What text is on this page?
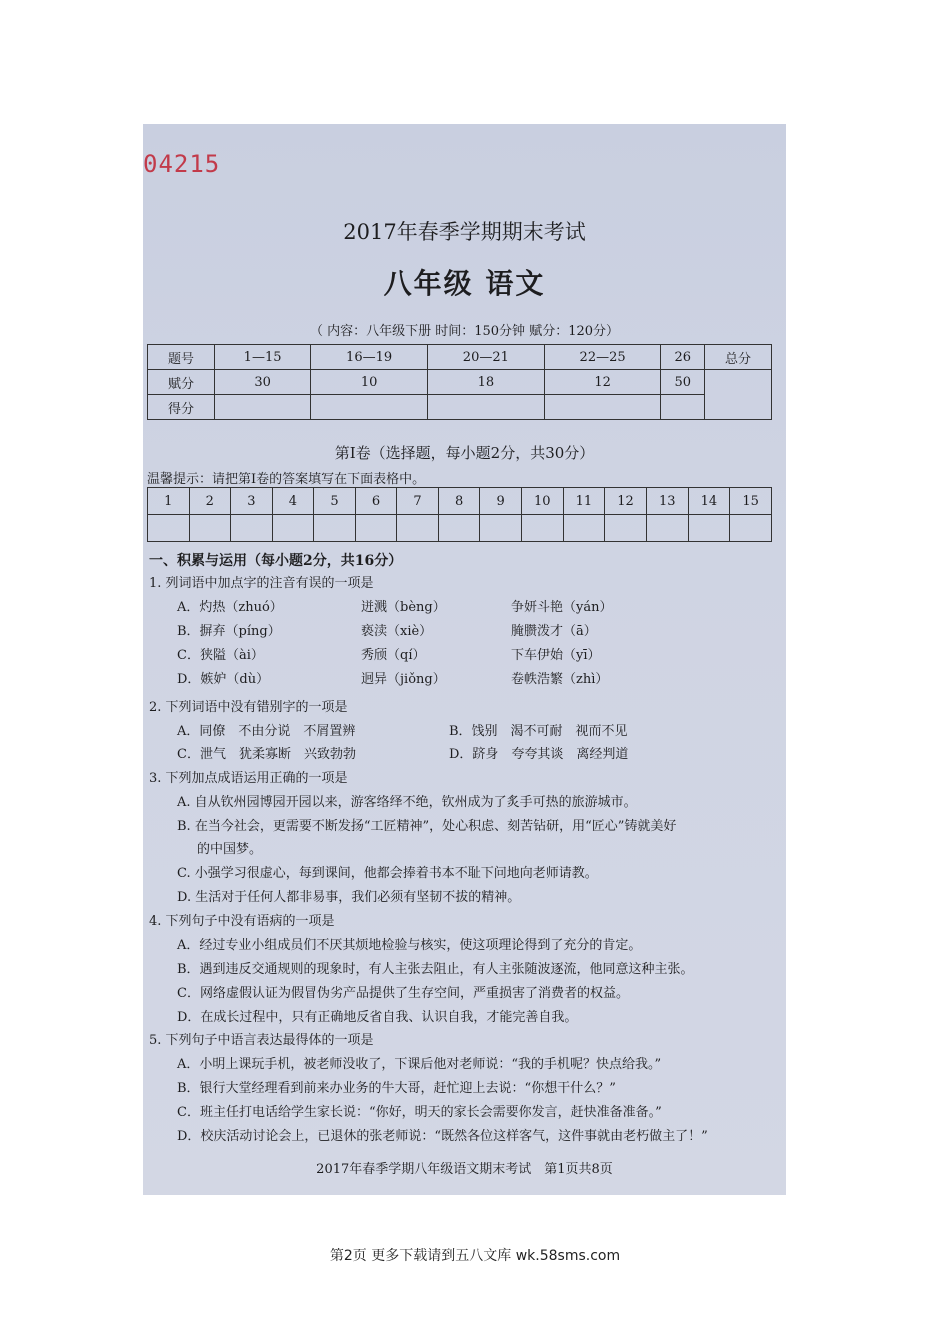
04215
2017年春季学期期末考试
八年级 语文
（ 内容：八年级下册 时间：150分钟 赋分：120分）
题号	1—15	16—19	20—21	22—25	26	总分
赋分	30	10	18	12	50	
得分						
第Ⅰ卷（选择题，每小题2分，共30分）
温馨提示：请把第Ⅰ卷的答案填写在下面表格中。
1	2	3	4	5	6	7	8	9	10	11	12	13	14	15

一、积累与运用（每小题2分，共16分）
1. 列词语中加点字的注音有误的一项是
A．灼热（zhuó）	迸溅（bèng）	争妍斗艳（yán）
B．摒弃（píng）	亵渎（xiè）	腌臜泼才（ā）
C．狭隘（ài）	秀颀（qí）	下车伊始（yī）
D．嫉妒（dù）	迥异（jiǒng）	卷帙浩繁（zhì）
2. 下列词语中没有错别字的一项是
A．同僚　不由分说　不屑置辨	B．饯别　渴不可耐　视而不见
C．泄气　犹柔寡断　兴致勃勃	D．跻身　夸夸其谈　离经判道
3. 下列加点成语运用正确的一项是
A. 自从钦州园博园开园以来，游客络绎不绝，钦州成为了炙手可热的旅游城市。
B. 在当今社会，更需要不断发扬“工匠精神”，处心积虑、刻苦钻研，用“匠心”铸就美好
的中国梦。
C. 小强学习很虚心，每到课间，他都会捧着书本不耻下问地向老师请教。
D. 生活对于任何人都非易事，我们必须有坚韧不拔的精神。
4. 下列句子中没有语病的一项是
A．经过专业小组成员们不厌其烦地检验与核实，使这项理论得到了充分的肯定。
B．遇到违反交通规则的现象时，有人主张去阻止，有人主张随波逐流，他同意这种主张。
C．网络虚假认证为假冒伪劣产品提供了生存空间，严重损害了消费者的权益。
D．在成长过程中，只有正确地反省自我、认识自我，才能完善自我。
5. 下列句子中语言表达最得体的一项是
A．小明上课玩手机，被老师没收了，下课后他对老师说：“我的手机呢？快点给我。”
B．银行大堂经理看到前来办业务的牛大哥，赶忙迎上去说：“你想干什么？”
C．班主任打电话给学生家长说：“你好，明天的家长会需要你发言，赶快准备准备。”
D．校庆活动讨论会上，已退休的张老师说：“既然各位这样客气，这件事就由老朽做主了！”
2017年春季学期八年级语文期末考试　第1页共8页
第2页 更多下载请到五八文库 wk.58sms.com
